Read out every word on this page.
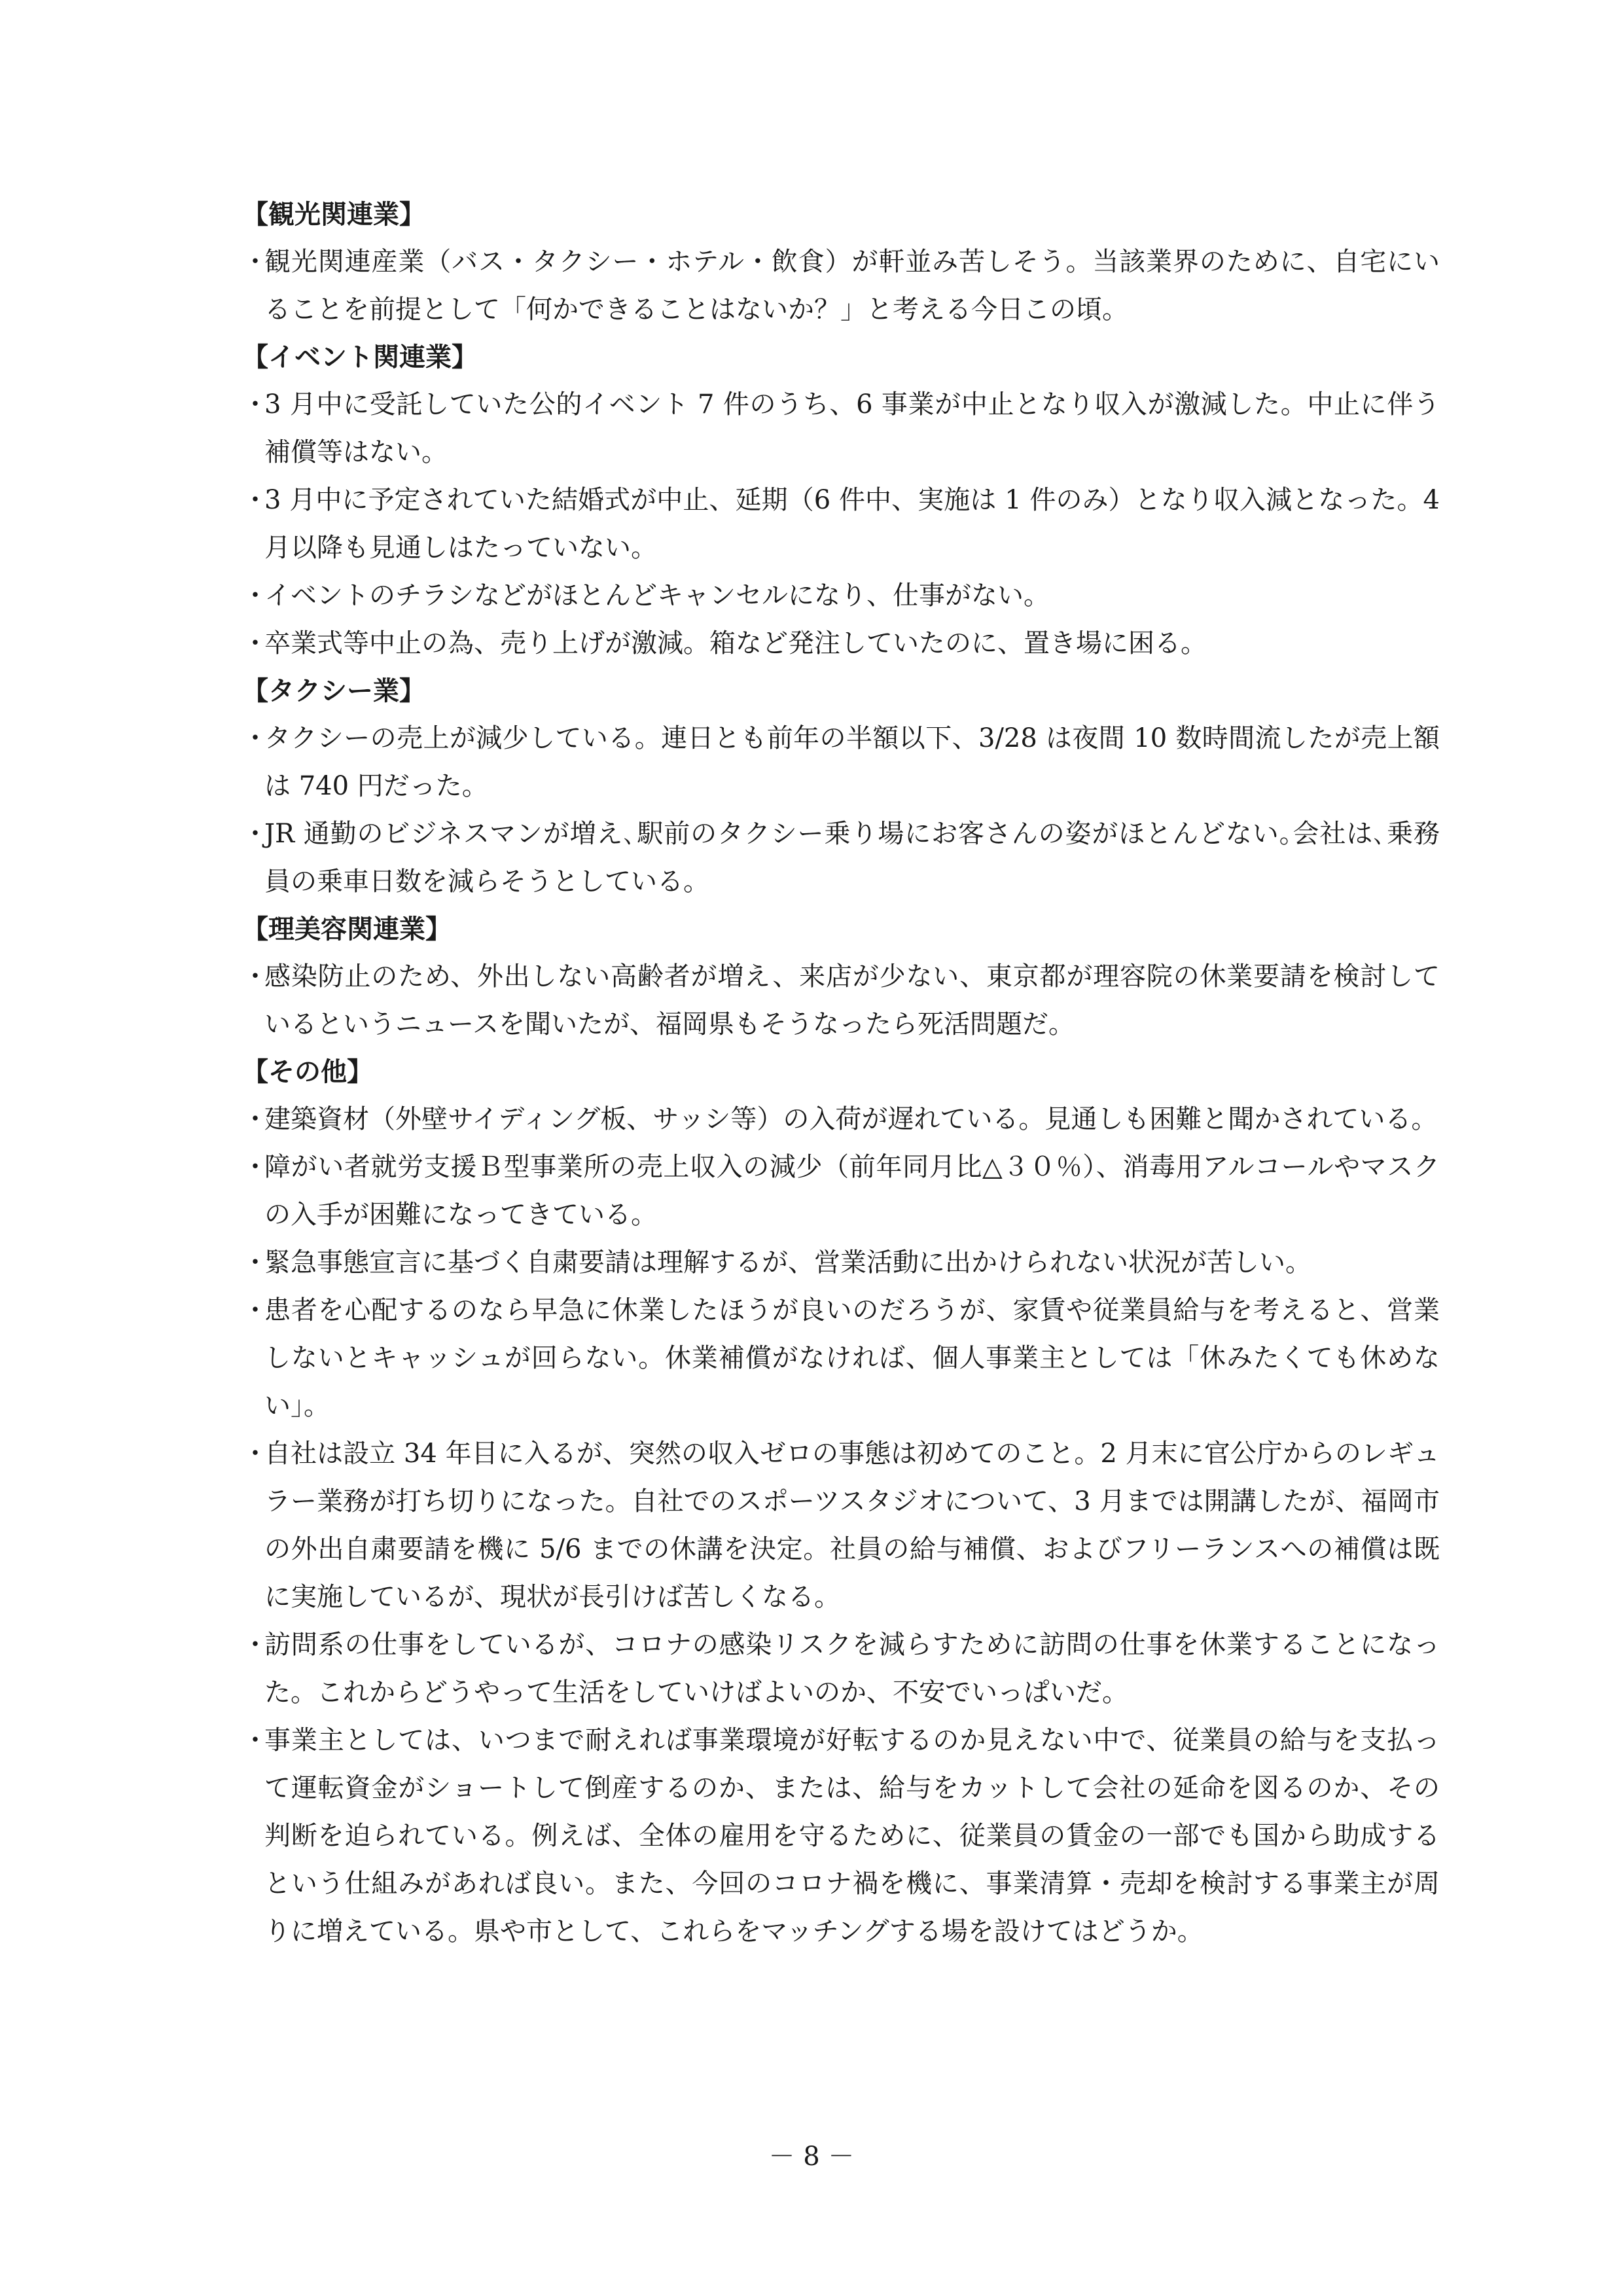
【観光関連業】
・
観光関連産業（バス・タクシー・ホテル・飲食）が軒並み苦しそう。当該業界のために、自宅にいることを前提として「何かできることはないか？」と考える今日この頃。
【イベント関連業】
・
3 月中に受託していた公的イベント 7 件のうち、6 事業が中止となり収入が激減した。中止に伴う補償等はない。
・
3 月中に予定されていた結婚式が中止、延期（6 件中、実施は 1 件のみ）となり収入減となった。4 月以降も見通しはたっていない。
・
イベントのチラシなどがほとんどキャンセルになり、仕事がない。
・
卒業式等中止の為、売り上げが激減。箱など発注していたのに、置き場に困る。
【タクシー業】
・
タクシーの売上が減少している。連日とも前年の半額以下、3/28 は夜間 10 数時間流したが売上額は 740 円だった。
・
JR 通勤のビジネスマンが増え､駅前のタクシー乗り場にお客さんの姿がほとんどない｡会社は､乗務員の乗車日数を減らそうとしている。
【理美容関連業】
・
感染防止のため、外出しない高齢者が増え、来店が少ない、東京都が理容院の休業要請を検討しているというニュースを聞いたが、福岡県もそうなったら死活問題だ。
【その他】
・
建築資材（外壁サイディング板、サッシ等）の入荷が遅れている。見通しも困難と聞かされている。
・
障がい者就労支援Ｂ型事業所の売上収入の減少（前年同月比△３０％）、消毒用アルコールやマスクの入手が困難になってきている。
・
緊急事態宣言に基づく自粛要請は理解するが、営業活動に出かけられない状況が苦しい。
・
患者を心配するのなら早急に休業したほうが良いのだろうが、家賃や従業員給与を考えると、営業しないとキャッシュが回らない。休業補償がなければ、個人事業主としては「休みたくても休めない」。
・
自社は設立 34 年目に入るが、突然の収入ゼロの事態は初めてのこと。2 月末に官公庁からのレギュラー業務が打ち切りになった。自社でのスポーツスタジオについて、3 月までは開講したが、福岡市の外出自粛要請を機に 5/6 までの休講を決定。社員の給与補償、およびフリーランスへの補償は既に実施しているが、現状が長引けば苦しくなる。
・
訪問系の仕事をしているが、コロナの感染リスクを減らすために訪問の仕事を休業することになった。これからどうやって生活をしていけばよいのか、不安でいっぱいだ。
・
事業主としては、いつまで耐えれば事業環境が好転するのか見えない中で、従業員の給与を支払って運転資金がショートして倒産するのか、または、給与をカットして会社の延命を図るのか、その判断を迫られている。例えば、全体の雇用を守るために、従業員の賃金の一部でも国から助成するという仕組みがあれば良い。また、今回のコロナ禍を機に、事業清算・売却を検討する事業主が周りに増えている。県や市として、これらをマッチングする場を設けてはどうか。
－ 8 －
